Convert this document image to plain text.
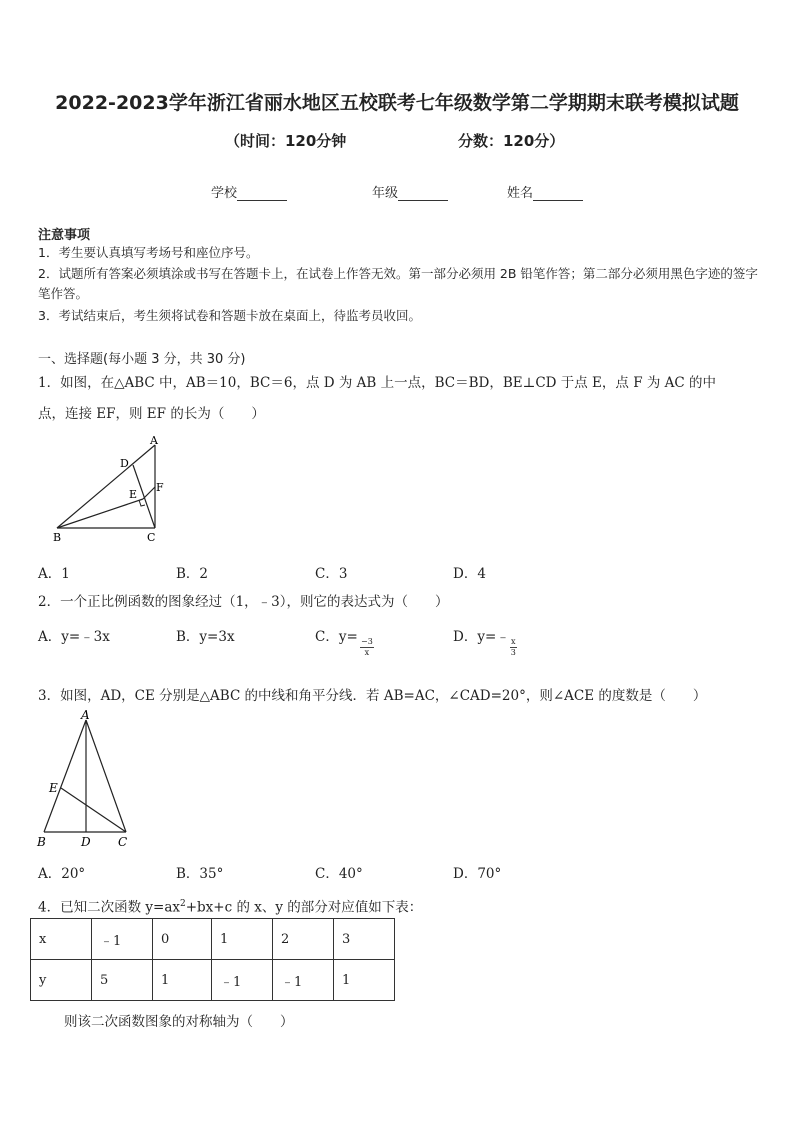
2022-2023学年浙江省丽水地区五校联考七年级数学第二学期期末联考模拟试题
（时间：120分钟	分数：120分）
学校	年级	姓名
注意事项
1．考生要认真填写考场号和座位序号。
2．试题所有答案必须填涂或书写在答题卡上，在试卷上作答无效。第一部分必须用 2B 铅笔作答；第二部分必须用黑色字迹的签字笔作答。
3．考试结束后，考生须将试卷和答题卡放在桌面上，待监考员收回。
一、选择题(每小题 3 分，共 30 分)
1．如图，在△ABC 中，AB＝10，BC＝6，点 D 为 AB 上一点，BC＝BD，BE⊥CD 于点 E，点 F 为 AC 的中
点，连接 EF，则 EF 的长为（　　）
A
D
E
F
B	C
A．1	B．2	C．3	D．4
2．一个正比例函数的图象经过（1，﹣3），则它的表达式为（　　）
A．y=﹣3x	B．y=3x	C．$y= \frac{-3}{x}$	D．y=﹣ $\frac{x}{3}$
3．如图，AD，CE 分别是△ABC 的中线和角平分线．若 AB=AC，∠CAD=20°，则∠ACE 的度数是（　　）
A
E
B	D C
A．20°	B．35°	C．40°	D．70°
4．已知二次函数 $y=ax^2+bx+c$ 的 x、y 的部分对应值如下表：
x	﹣1	0	1	2	3
y	5	1	﹣1	﹣1	1
则该二次函数图象的对称轴为（　　）
